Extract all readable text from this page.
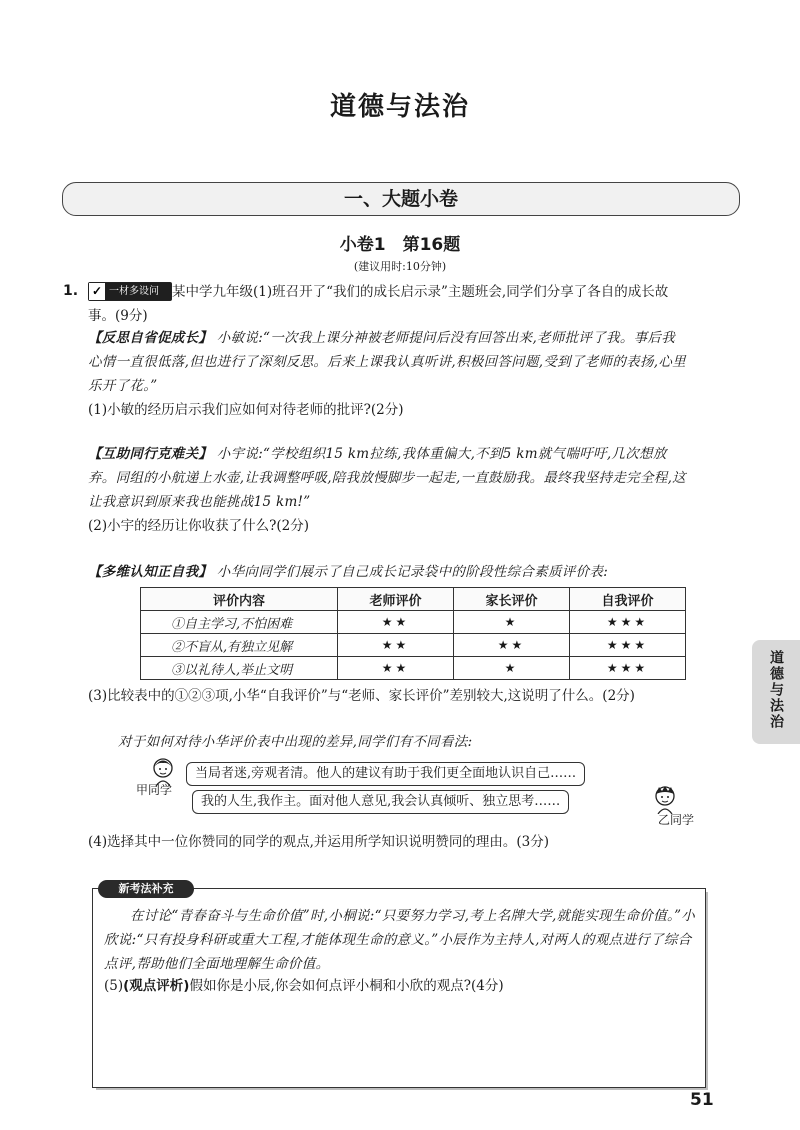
道德与法治
一、大题小卷
小卷1　第16题
(建议用时:10分钟)
1. ✓ 一材多设问 某中学九年级(1)班召开了“我们的成长启示录”主题班会,同学们分享了各自的成长故事。(9分)
【反思自省促成长】 小敏说:“一次我上课分神被老师提问后没有回答出来,老师批评了我。事后我心情一直很低落,但也进行了深刻反思。后来上课我认真听讲,积极回答问题,受到了老师的表扬,心里乐开了花。”
(1)小敏的经历启示我们应如何对待老师的批评?(2分)
【互助同行克难关】 小宇说:“学校组织15 km拉练,我体重偏大,不到5 km就气喘吁吁,几次想放弃。同组的小航递上水壶,让我调整呼吸,陪我放慢脚步一起走,一直鼓励我。最终我坚持走完全程,这让我意识到原来我也能挑战15 km!”
(2)小宇的经历让你收获了什么?(2分)
【多维认知正自我】 小华向同学们展示了自己成长记录袋中的阶段性综合素质评价表:
评价内容	老师评价	家长评价	自我评价
①自主学习,不怕困难	★★	★	★★★
②不盲从,有独立见解	★★	★★	★★★
③以礼待人,举止文明	★★	★	★★★
(3)比较表中的①②③项,小华“自我评价”与“老师、家长评价”差别较大,这说明了什么。(2分)	道德与法治
对于如何对待小华评价表中出现的差异,同学们有不同看法:
甲同学
当局者迷,旁观者清。他人的建议有助于我们更全面地认识自己……
我的人生,我作主。面对他人意见,我会认真倾听、独立思考……
乙同学
(4)选择其中一位你赞同的同学的观点,并运用所学知识说明赞同的理由。(3分)
新考法补充
在讨论“青春奋斗与生命价值”时,小桐说:“只要努力学习,考上名牌大学,就能实现生命价值。”小欣说:“只有投身科研或重大工程,才能体现生命的意义。”小辰作为主持人,对两人的观点进行了综合点评,帮助他们全面地理解生命价值。
(5)(观点评析)假如你是小辰,你会如何点评小桐和小欣的观点?(4分)
51
